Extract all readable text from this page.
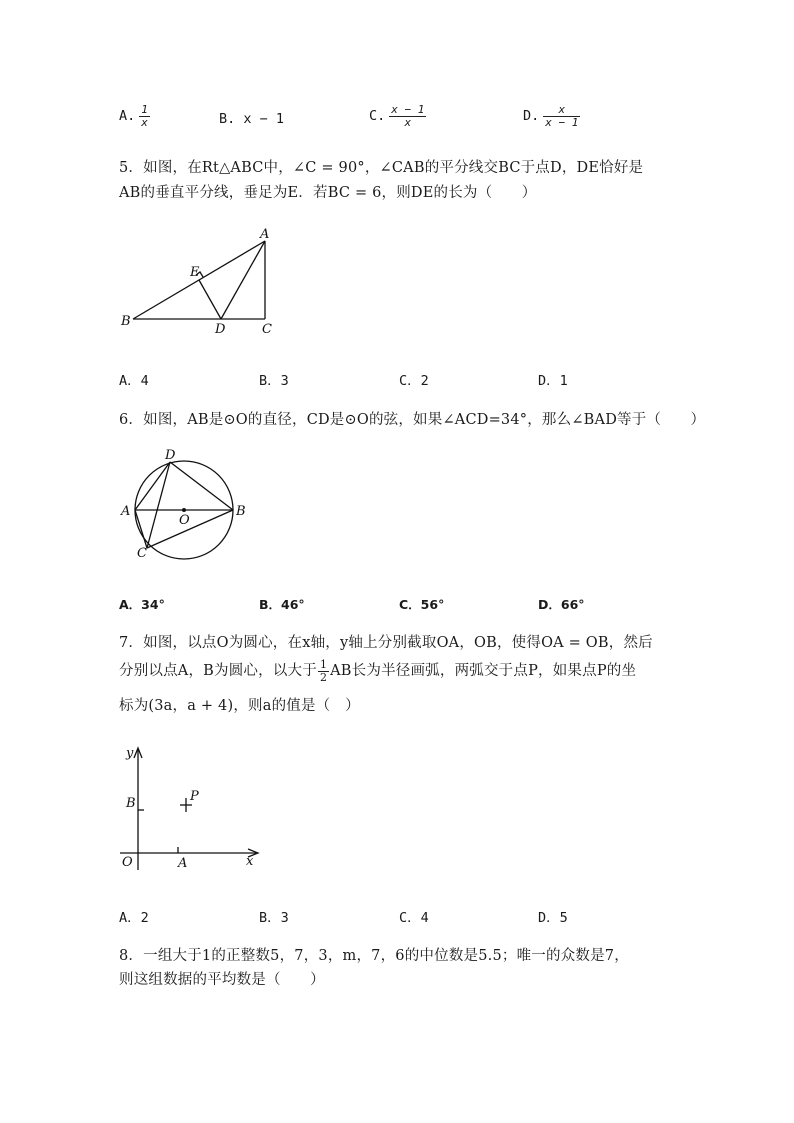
A. $\frac{1}{x}$	B. x − 1	C. $\frac{x - 1}{x}$	D. $\frac{x}{x - 1}$
5．如图，在Rt△ABC中，∠C = 90°，∠CAB的平分线交BC于点D，DE恰好是
AB的垂直平分线，垂足为E．若BC = 6，则DE的长为（　　）
A
E
B
D	C
A．4	B．3	C．2	D．1
6．如图，AB是⊙O的直径，CD是⊙O的弦，如果∠ACD=34°，那么∠BAD等于（　　）
D
A	B
O
C
A．34°	B．46°	C．56°	D．66°
7．如图，以点O为圆心，在x轴，y轴上分别截取OA，OB，使得OA = OB，然后
分别以点A，B为圆心，以大于 $\frac{1}{2}$ AB长为半径画弧，两弧交于点P，如果点P的坐
标为(3a，a + 4)，则a的值是（　）
y
x
O	A
B	P
A．2	B．3	C．4	D．5
8．一组大于1的正整数5，7，3，m，7，6的中位数是5.5；唯一的众数是7，
则这组数据的平均数是（　　）
